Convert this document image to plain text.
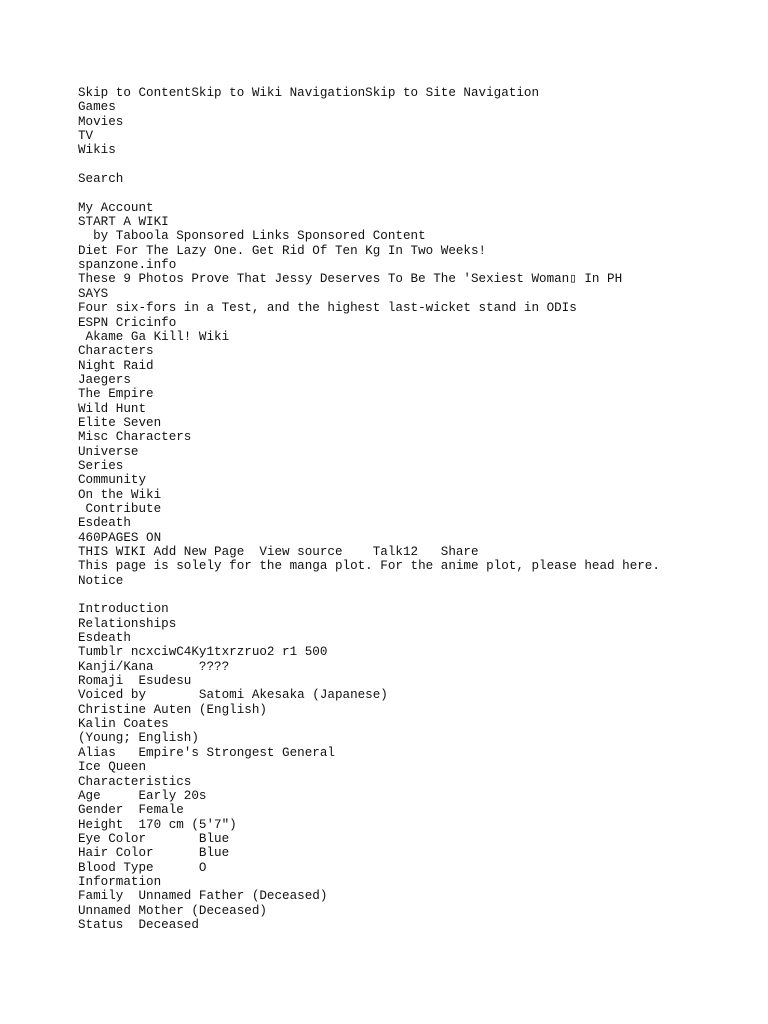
Skip to ContentSkip to Wiki NavigationSkip to Site Navigation
Games
Movies
TV
Wikis
Search
My Account
START A WIKI
by Taboola Sponsored Links Sponsored Content
Diet For The Lazy One. Get Rid Of Ten Kg In Two Weeks!
spanzone.info
These 9 Photos Prove That Jessy Deserves To Be The 'Sexiest Woman▯ In PH
SAYS
Four six-fors in a Test, and the highest last-wicket stand in ODIs
ESPN Cricinfo
Akame Ga Kill! Wiki
Characters
Night Raid
Jaegers
The Empire
Wild Hunt
Elite Seven
Misc Characters
Universe
Series
Community
On the Wiki
Contribute
Esdeath
460PAGES ON
THIS WIKI Add New Page  View source    Talk12   Share
This page is solely for the manga plot. For the anime plot, please head here.
Notice
Introduction
Relationships
Esdeath
Tumblr ncxciwC4Ky1txrzruo2 r1 500
Kanji/Kana      ????
Romaji  Esudesu
Voiced by       Satomi Akesaka (Japanese)
Christine Auten (English)
Kalin Coates
(Young; English)
Alias   Empire's Strongest General
Ice Queen
Characteristics
Age     Early 20s
Gender  Female
Height  170 cm (5'7")
Eye Color       Blue
Hair Color      Blue
Blood Type      O
Information
Family  Unnamed Father (Deceased)
Unnamed Mother (Deceased)
Status  Deceased
